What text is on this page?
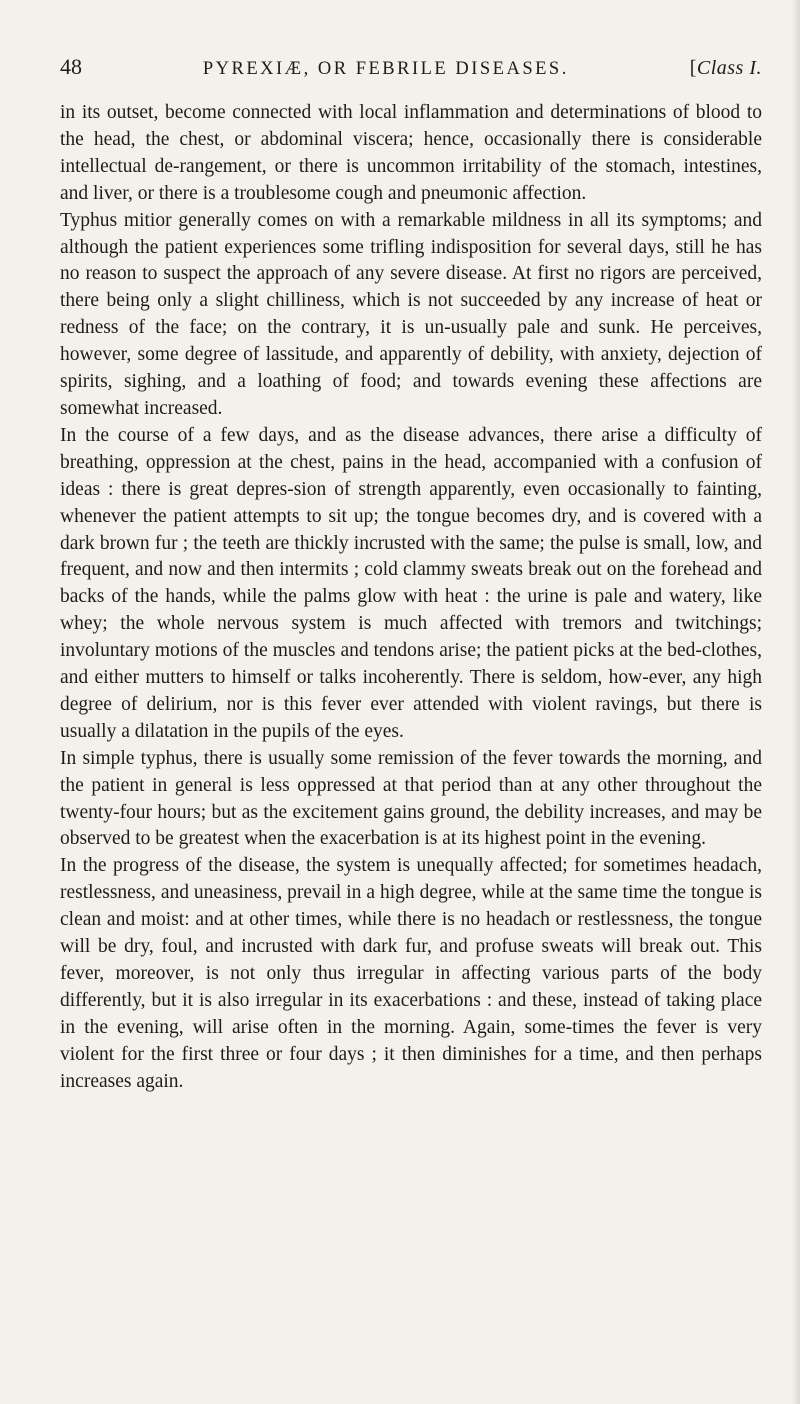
48	PYREXIÆ, OR FEBRILE DISEASES.	[Class I.

in its outset, become connected with local inflammation and determinations of blood to the head, the chest, or abdominal viscera; hence, occasionally there is considerable intellectual de-rangement, or there is uncommon irritability of the stomach, intestines, and liver, or there is a troublesome cough and pneumonic affection.

Typhus mitior generally comes on with a remarkable mildness in all its symptoms; and although the patient experiences some trifling indisposition for several days, still he has no reason to suspect the approach of any severe disease. At first no rigors are perceived, there being only a slight chilliness, which is not succeeded by any increase of heat or redness of the face; on the contrary, it is un-usually pale and sunk. He perceives, however, some degree of lassitude, and apparently of debility, with anxiety, dejection of spirits, sighing, and a loathing of food; and towards evening these affections are somewhat increased.

In the course of a few days, and as the disease advances, there arise a difficulty of breathing, oppression at the chest, pains in the head, accompanied with a confusion of ideas : there is great depres-sion of strength apparently, even occasionally to fainting, whenever the patient attempts to sit up; the tongue becomes dry, and is covered with a dark brown fur ; the teeth are thickly incrusted with the same; the pulse is small, low, and frequent, and now and then intermits ; cold clammy sweats break out on the forehead and backs of the hands, while the palms glow with heat : the urine is pale and watery, like whey; the whole nervous system is much affected with tremors and twitchings; involuntary motions of the muscles and tendons arise; the patient picks at the bed-clothes, and either mutters to himself or talks incoherently. There is seldom, how-ever, any high degree of delirium, nor is this fever ever attended with violent ravings, but there is usually a dilatation in the pupils of the eyes.

In simple typhus, there is usually some remission of the fever towards the morning, and the patient in general is less oppressed at that period than at any other throughout the twenty-four hours; but as the excitement gains ground, the debility increases, and may be observed to be greatest when the exacerbation is at its highest point in the evening.

In the progress of the disease, the system is unequally affected; for sometimes headach, restlessness, and uneasiness, prevail in a high degree, while at the same time the tongue is clean and moist: and at other times, while there is no headach or restlessness, the tongue will be dry, foul, and incrusted with dark fur, and profuse sweats will break out. This fever, moreover, is not only thus irregular in affecting various parts of the body differently, but it is also irregular in its exacerbations : and these, instead of taking place in the evening, will arise often in the morning. Again, some-times the fever is very violent for the first three or four days ; it then diminishes for a time, and then perhaps increases again.
